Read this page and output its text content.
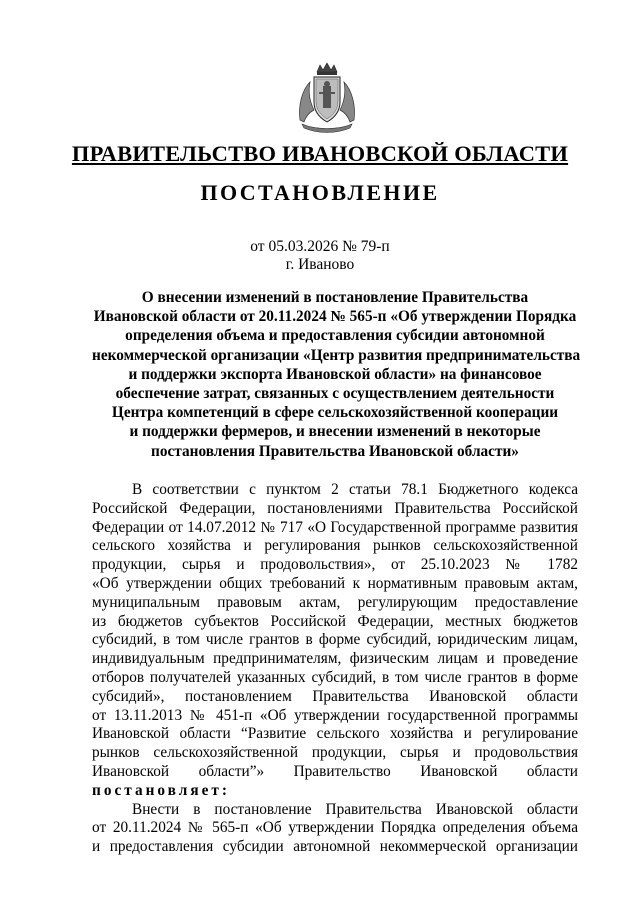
ПРАВИТЕЛЬСТВО ИВАНОВСКОЙ ОБЛАСТИ
ПОСТАНОВЛЕНИЕ
от 05.03.2026 № 79-п
г. Иваново
О внесении изменений в постановление Правительства
Ивановской области от 20.11.2024 № 565-п «Об утверждении Порядка
определения объема и предоставления субсидии автономной
некоммерческой организации «Центр развития предпринимательства
и поддержки экспорта Ивановской области» на финансовое
обеспечение затрат, связанных с осуществлением деятельности
Центра компетенций в сфере сельскохозяйственной кооперации
и поддержки фермеров, и внесении изменений в некоторые
постановления Правительства Ивановской области»
В соответствии с пунктом 2 статьи 78.1 Бюджетного кодекса
Российской Федерации, постановлениями Правительства Российской
Федерации от 14.07.2012 № 717 «О Государственной программе развития
сельского хозяйства и регулирования рынков сельскохозяйственной
продукции, сырья и продовольствия», от 25.10.2023 № 1782
«Об утверждении общих требований к нормативным правовым актам,
муниципальным правовым актам, регулирующим предоставление
из бюджетов субъектов Российской Федерации, местных бюджетов
субсидий, в том числе грантов в форме субсидий, юридическим лицам,
индивидуальным предпринимателям, физическим лицам и проведение
отборов получателей указанных субсидий, в том числе грантов в форме
субсидий», постановлением Правительства Ивановской области
от 13.11.2013 № 451-п «Об утверждении государственной программы
Ивановской области “Развитие сельского хозяйства и регулирование
рынков сельскохозяйственной продукции, сырья и продовольствия
Ивановской области”» Правительство Ивановской области
постановляет:
Внести в постановление Правительства Ивановской области
от 20.11.2024 № 565-п «Об утверждении Порядка определения объема
и предоставления субсидии автономной некоммерческой организации
